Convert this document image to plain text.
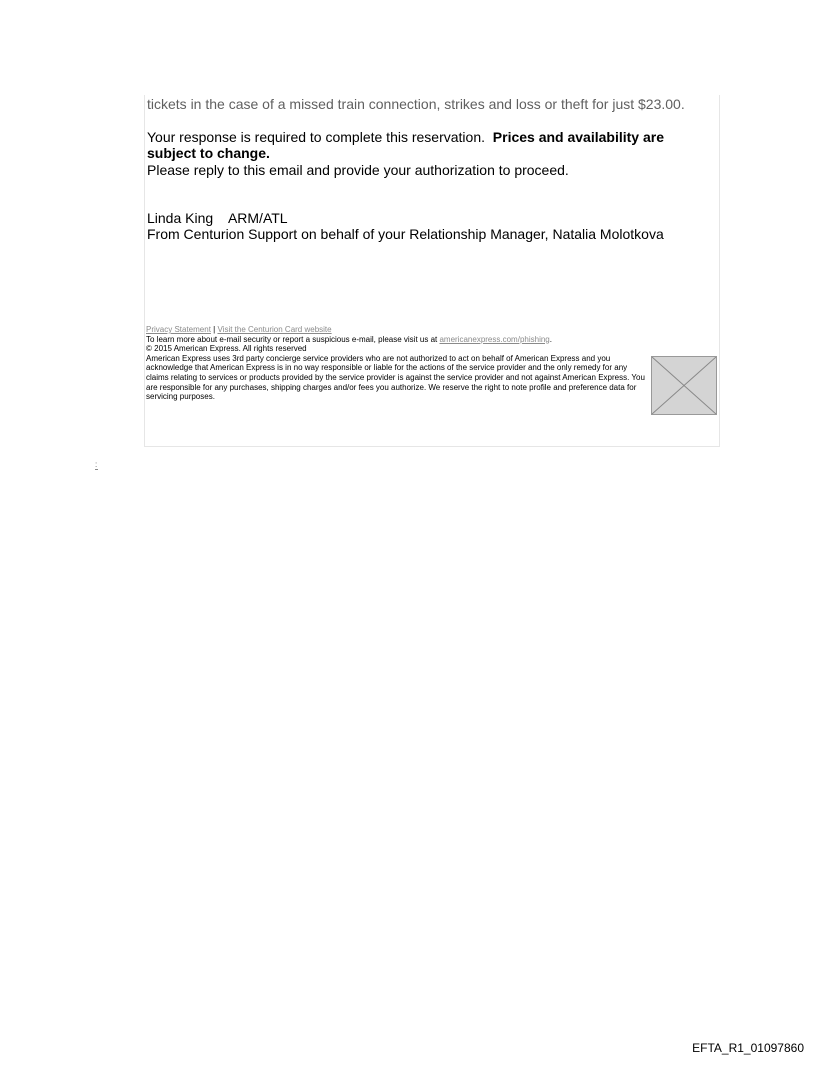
tickets in the case of a missed train connection, strikes and loss or theft for just $23.00.
Your response is required to complete this reservation. Prices and availability are subject to change.
Please reply to this email and provide your authorization to proceed.
Linda King    ARM/ATL
From Centurion Support on behalf of your Relationship Manager, Natalia Molotkova
Privacy Statement | Visit the Centurion Card website
To learn more about e-mail security or report a suspicious e-mail, please visit us at americanexpress.com/phishing.
© 2015 American Express. All rights reserved
American Express uses 3rd party concierge service providers who are not authorized to act on behalf of American Express and you acknowledge that American Express is in no way responsible or liable for the actions of the service provider and the only remedy for any claims relating to services or products provided by the service provider is against the service provider and not against American Express. You are responsible for any purchases, shipping charges and/or fees you authorize. We reserve the right to note profile and preference data for servicing purposes.
:
EFTA_R1_01097860
